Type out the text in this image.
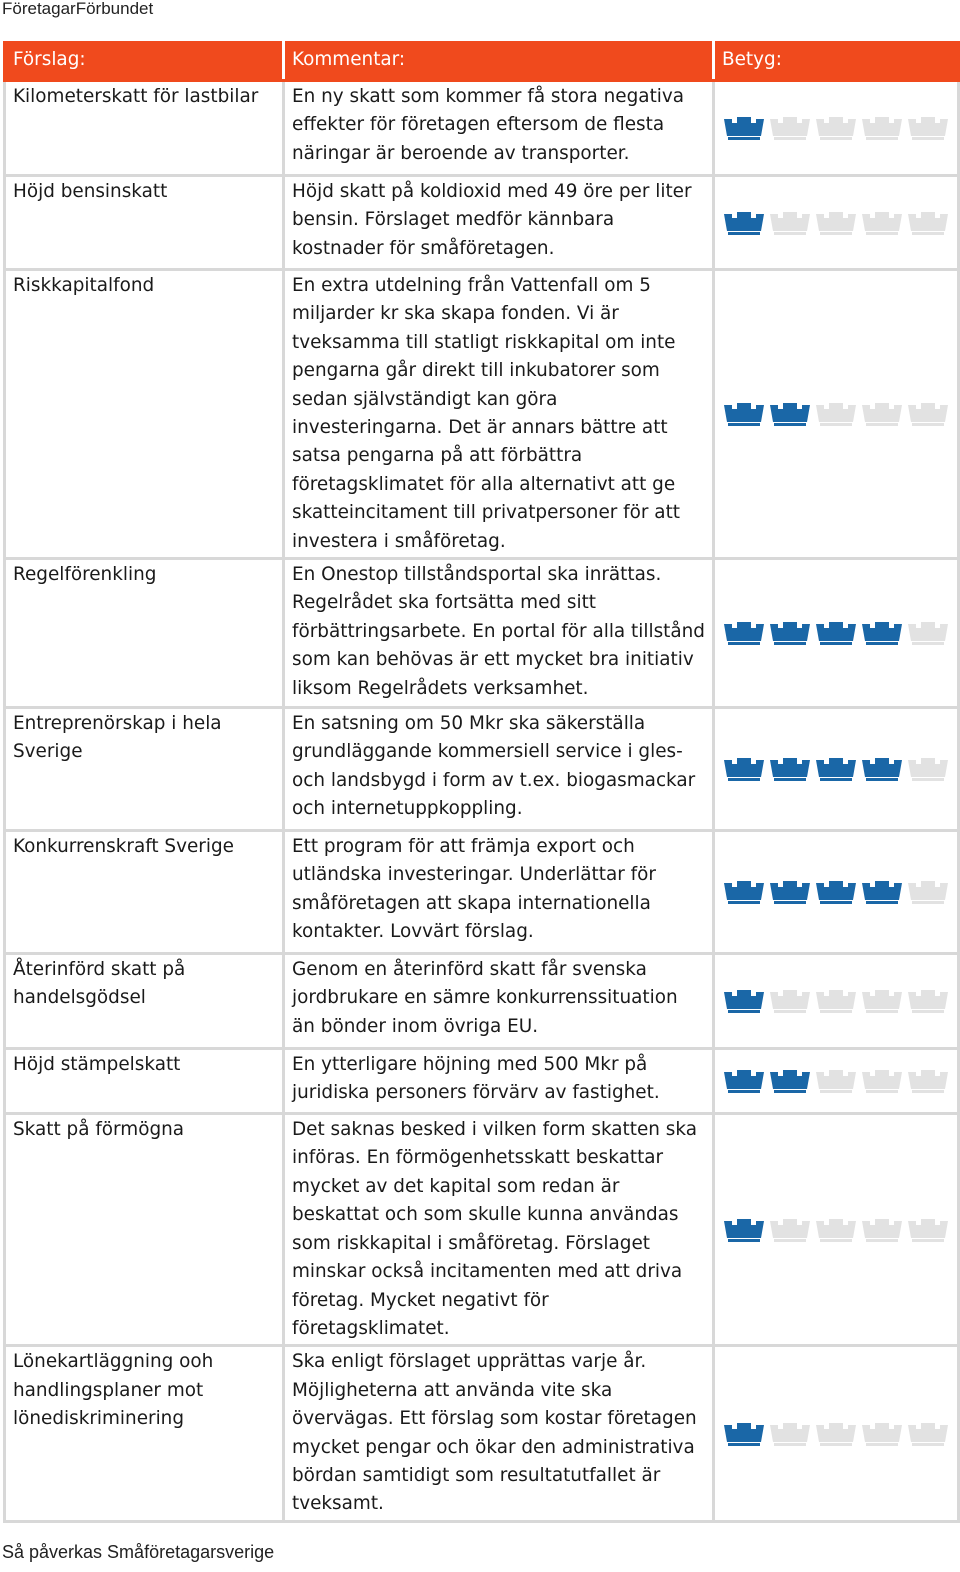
FöretagarFörbundet
Förslag:	Kommentar:	Betyg:
Kilometerskatt för lastbilar	En ny skatt som kommer få stora negativa effekter för företagen eftersom de flesta näringar är beroende av transporter.	

Höjd bensinskatt	Höjd skatt på koldioxid med 49 öre per liter bensin. Förslaget medför kännbara kostnader för småföretagen.	

Riskkapitalfond	En extra utdelning från Vattenfall om 5 miljarder kr ska skapa fonden. Vi är tveksamma till statligt riskkapital om inte pengarna går direkt till inkubatorer som sedan självständigt kan göra investeringarna. Det är annars bättre att satsa pengarna på att förbättra företagsklimatet för alla alternativt att ge skatteincitament till privatpersoner för att investera i småföretag.	

Regelförenkling	En Onestop tillståndsportal ska inrättas. Regelrådet ska fortsätta med sitt förbättringsarbete. En portal för alla tillstånd som kan behövas är ett mycket bra initiativ liksom Regelrådets verksamhet.	

Entreprenörskap i hela Sverige	En satsning om 50 Mkr ska säkerställa grundläggande kommersiell service i gles- och landsbygd i form av t.ex. biogasmackar och internetuppkoppling.	

Konkurrenskraft Sverige	Ett program för att främja export och utländska investeringar. Underlättar för småföretagen att skapa internationella kontakter. Lovvärt förslag.	

Återinförd skatt på handelsgödsel	Genom en återinförd skatt får svenska jordbrukare en sämre konkurrenssituation än bönder inom övriga EU.	

Höjd stämpelskatt	En ytterligare höjning med 500 Mkr på juridiska personers förvärv av fastighet.	

Skatt på förmögna	Det saknas besked i vilken form skatten ska införas. En förmögenhetsskatt beskattar mycket av det kapital som redan är beskattat och som skulle kunna användas som riskkapital i småföretag. Förslaget minskar också incitamenten med att driva företag. Mycket negativt för företagsklimatet.	

Lönekartläggning ooh handlingsplaner mot lönediskriminering	Ska enligt förslaget upprättas varje år. Möjligheterna att använda vite ska övervägas. Ett förslag som kostar företagen mycket pengar och ökar den administrativa bördan samtidigt som resultatutfallet är tveksamt.	
Så påverkas Småföretagarsverige
